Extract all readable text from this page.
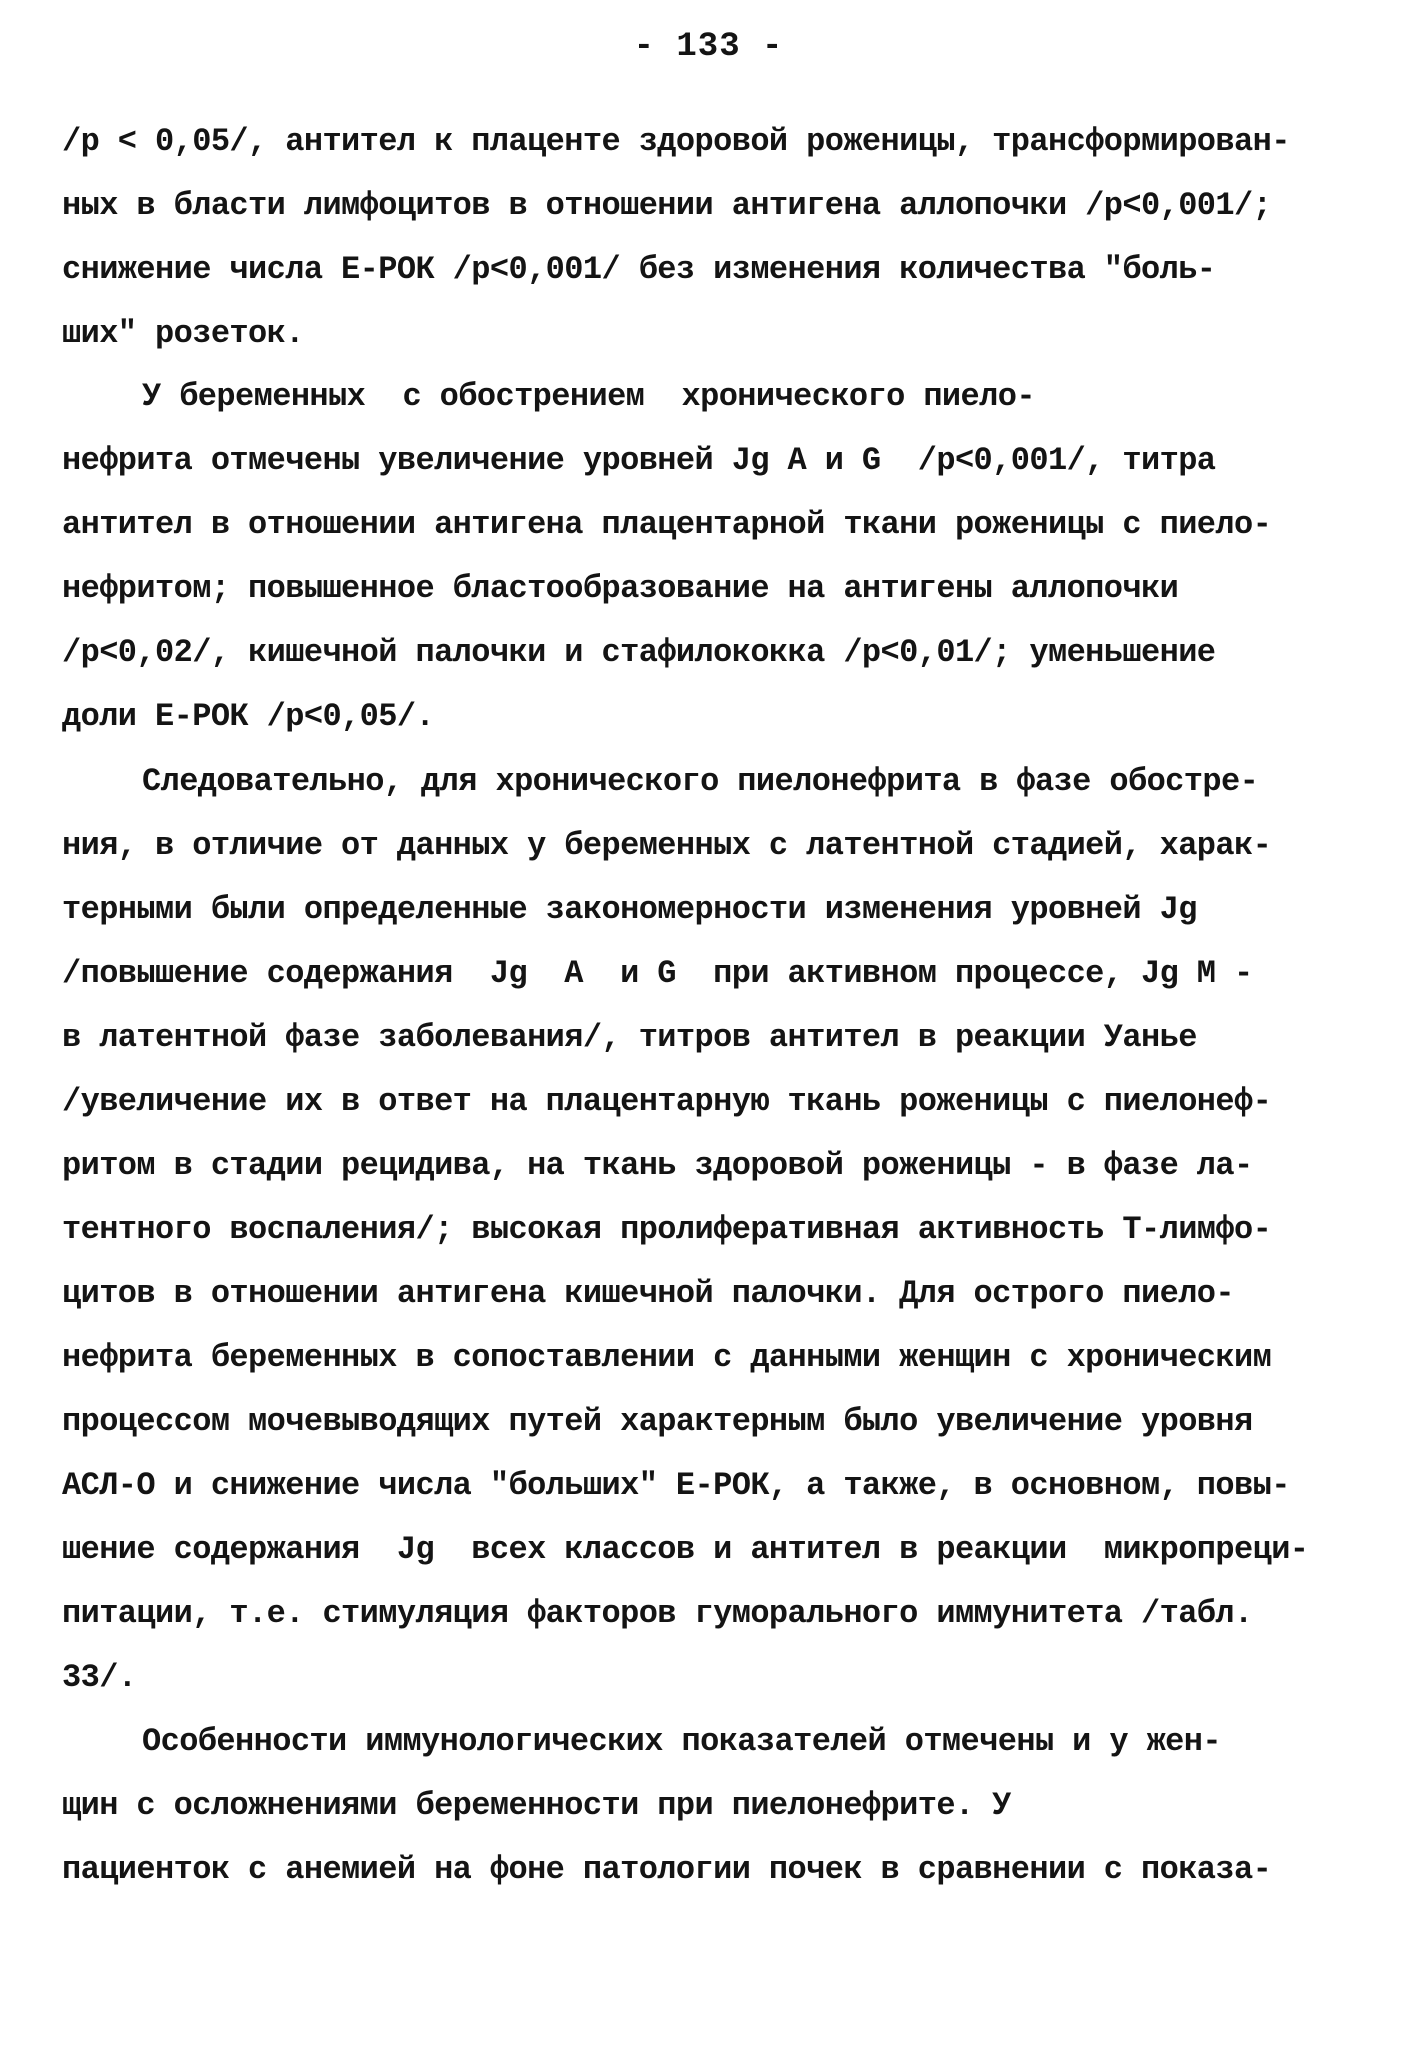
- 133 -
/p < 0,05/, антител к плаценте здоровой роженицы, трансформирован-
ных в бласти лимфоцитов в отношении антигена аллопочки /p<0,001/;
снижение числа Е-РОК /p<0,001/ без изменения количества "боль-
ших" розеток.
У беременных  с обострением  хронического пиело-
нефрита отмечены увеличение уровней Jg A и G  /p<0,001/, титра
антител в отношении антигена плацентарной ткани роженицы с пиело-
нефритом; повышенное бластообразование на антигены аллопочки
/p<0,02/, кишечной палочки и стафилококка /p<0,01/; уменьшение
доли Е-РОК /p<0,05/.
Следовательно, для хронического пиелонефрита в фазе обостре-
ния, в отличие от данных у беременных с латентной стадией, харак-
терными были определенные закономерности изменения уровней Jg
/повышение содержания  Jg  A  и G  при активном процессе, Jg M -
в латентной фазе заболевания/, титров антител в реакции Уанье
/увеличение их в ответ на плацентарную ткань роженицы с пиелонеф-
ритом в стадии рецидива, на ткань здоровой роженицы - в фазе ла-
тентного воспаления/; высокая пролиферативная активность Т-лимфо-
цитов в отношении антигена кишечной палочки. Для острого пиело-
нефрита беременных в сопоставлении с данными женщин с хроническим
процессом мочевыводящих путей характерным было увеличение уровня
АСЛ-О и снижение числа "больших" Е-РОК, а также, в основном, повы-
шение содержания  Jg  всех классов и антител в реакции  микропреци-
питации, т.е. стимуляция факторов гуморального иммунитета /табл.
33/.
Особенности иммунологических показателей отмечены и у жен-
щин с осложнениями беременности при пиелонефрите. У
пациенток с анемией на фоне патологии почек в сравнении с показа-
